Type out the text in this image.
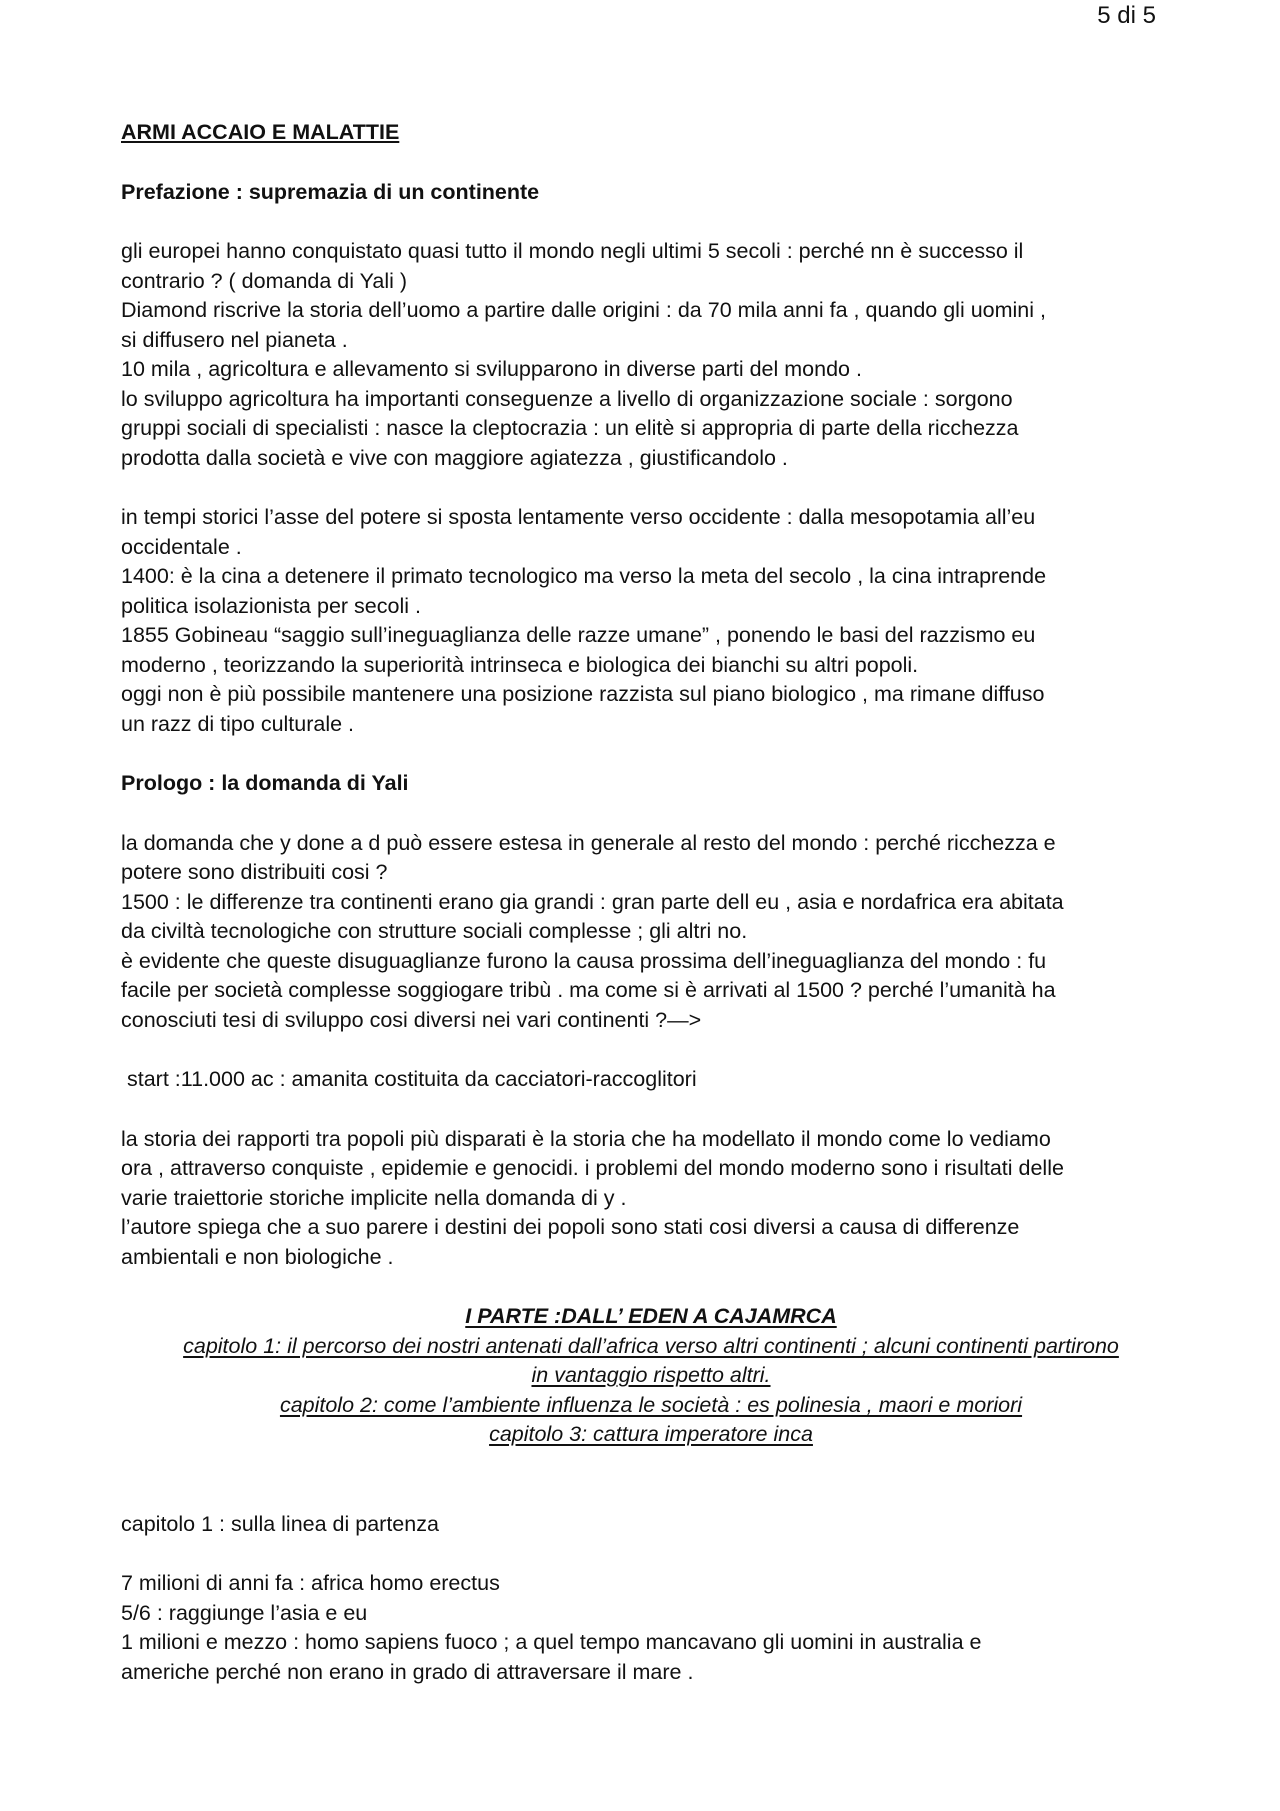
5 di 5

ARMI ACCAIO E MALATTIE

Prefazione : supremazia di un continente

gli europei hanno conquistato quasi tutto il mondo negli ultimi 5 secoli : perché nn è successo il

contrario ? ( domanda di Yali )

Diamond riscrive la storia dell’uomo a partire dalle origini : da 70 mila anni fa , quando gli uomini ,

si diffusero nel pianeta .

10 mila , agricoltura e allevamento si svilupparono in diverse parti del mondo .

lo sviluppo agricoltura ha importanti conseguenze a livello di organizzazione sociale : sorgono

gruppi sociali di specialisti : nasce la cleptocrazia : un elitè si appropria di parte della ricchezza

prodotta dalla società e vive con maggiore agiatezza , giustificandolo .

in tempi storici l’asse del potere si sposta lentamente verso occidente : dalla mesopotamia all’eu

occidentale .

1400: è la cina a detenere il primato tecnologico ma verso la meta del secolo , la cina intraprende

politica isolazionista per secoli .

1855 Gobineau “saggio sull’ineguaglianza delle razze umane” , ponendo le basi del razzismo eu

moderno , teorizzando la superiorità intrinseca e biologica dei bianchi su altri popoli.

oggi non è più possibile mantenere una posizione razzista sul piano biologico , ma rimane diffuso

un razz di tipo culturale .

Prologo : la domanda di Yali

la domanda che y done a d può essere estesa in generale al resto del mondo : perché ricchezza e

potere sono distribuiti cosi ?

1500 : le differenze tra continenti erano gia grandi : gran parte dell eu , asia e nordafrica era abitata

da civiltà tecnologiche con strutture sociali complesse ; gli altri no.

è evidente che queste disuguaglianze furono la causa prossima dell’ineguaglianza del mondo : fu

facile per società complesse soggiogare tribù . ma come si è arrivati al 1500 ? perché l’umanità ha

conosciuti tesi di sviluppo cosi diversi nei vari continenti ?—>

start :11.000 ac : amanita costituita da cacciatori-raccoglitori

la storia dei rapporti tra popoli più disparati è la storia che ha modellato il mondo come lo vediamo

ora , attraverso conquiste , epidemie e genocidi. i problemi del mondo moderno sono i risultati delle

varie traiettorie storiche implicite nella domanda di y .

l’autore spiega che a suo parere i destini dei popoli sono stati cosi diversi a causa di differenze

ambientali e non biologiche .

I PARTE :DALL’ EDEN A CAJAMRCA

capitolo 1: il percorso dei nostri antenati dall’africa verso altri continenti ; alcuni continenti partirono

in vantaggio rispetto altri.

capitolo 2: come l’ambiente influenza le società : es polinesia , maori e moriori

capitolo 3: cattura imperatore inca

capitolo 1 : sulla linea di partenza

7 milioni di anni fa : africa homo erectus

5/6 : raggiunge l’asia e eu

1 milioni e mezzo : homo sapiens fuoco ; a quel tempo mancavano gli uomini in australia e

americhe perché non erano in grado di attraversare il mare .
